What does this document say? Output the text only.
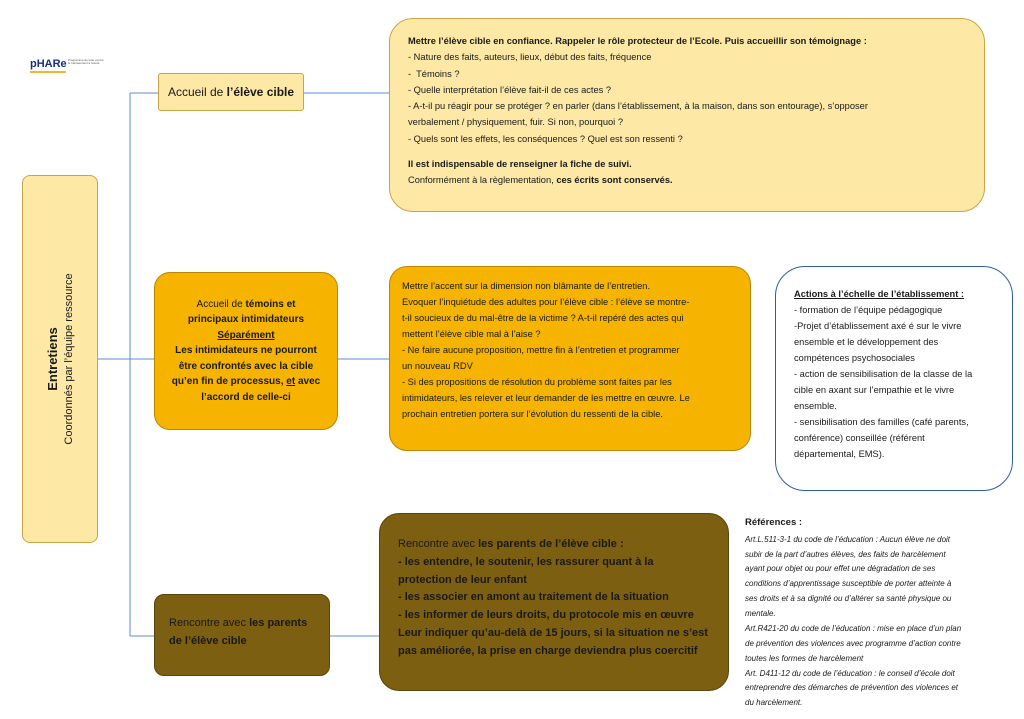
pHARe Programme de lutte contre le harcèlement à l'école
Entretiens Coordonnés par l’équipe ressource
Accueil de l’élève cible
Accueil de témoins et
principaux intimidateurs
Séparément
Les intimidateurs ne pourront
être confrontés avec la cible
qu’en fin de processus, et avec
l’accord de celle-ci
Rencontre avec les parents
de l’élève cible
Mettre l’élève cible en confiance. Rappeler le rôle protecteur de l’Ecole. Puis accueillir son témoignage :
- Nature des faits, auteurs, lieux, début des faits, fréquence
-  Témoins ?
- Quelle interprétation l’élève fait-il de ces actes ?
- A-t-il pu réagir pour se protéger ? en parler (dans l’établissement, à la maison, dans son entourage), s’opposer
verbalement / physiquement, fuir. Si non, pourquoi ?
- Quels sont les effets, les conséquences ? Quel est son ressenti ?
Il est indispensable de renseigner la fiche de suivi.
Conformément à la règlementation, ces écrits sont conservés.
Mettre l’accent sur la dimension non blâmante de l’entretien.
Evoquer l’inquiétude des adultes pour l’élève cible : l’élève se montre-
t-il soucieux de du mal-être de la victime ? A-t-il repéré des actes qui
mettent l’élève cible mal à l’aise ?
- Ne faire aucune proposition, mettre fin à l’entretien et programmer
un nouveau RDV
- Si des propositions de résolution du problème sont faites par les
intimidateurs, les relever et leur demander de les mettre en œuvre. Le
prochain entretien portera sur l’évolution du ressenti de la cible.
Rencontre avec les parents de l’élève cible :
- les entendre, le soutenir, les rassurer quant à la
protection de leur enfant
- les associer en amont au traitement de la situation
- les informer de leurs droits, du protocole mis en œuvre
Leur indiquer qu’au-delà de 15 jours, si la situation ne s’est
pas améliorée, la prise en charge deviendra plus coercitif
Actions à l’échelle de l’établissement :
- formation de l’équipe pédagogique
-Projet d’établissement axé é sur le vivre
ensemble et le développement des
compétences psychosociales
- action de sensibilisation de la classe de la
cible en axant sur l’empathie et le vivre
ensemble.
- sensibilisation des familles (café parents,
conférence) conseillée (référent
départemental, EMS).
Références :
Art.L.511-3-1 du code de l’éducation : Aucun élève ne doit
subir de la part d’autres élèves, des faits de harcèlement
ayant pour objet ou pour effet une dégradation de ses
conditions d’apprentissage susceptible de porter atteinte à
ses droits et à sa dignité ou d’altérer sa santé physique ou
mentale.
Art.R421-20 du code de l’éducation : mise en place d’un plan
de prévention des violences avec programme d’action contre
toutes les formes de harcèlement
Art. D411-12 du code de l’éducation : le conseil d’école doit
entreprendre des démarches de prévention des violences et
du harcèlement.
